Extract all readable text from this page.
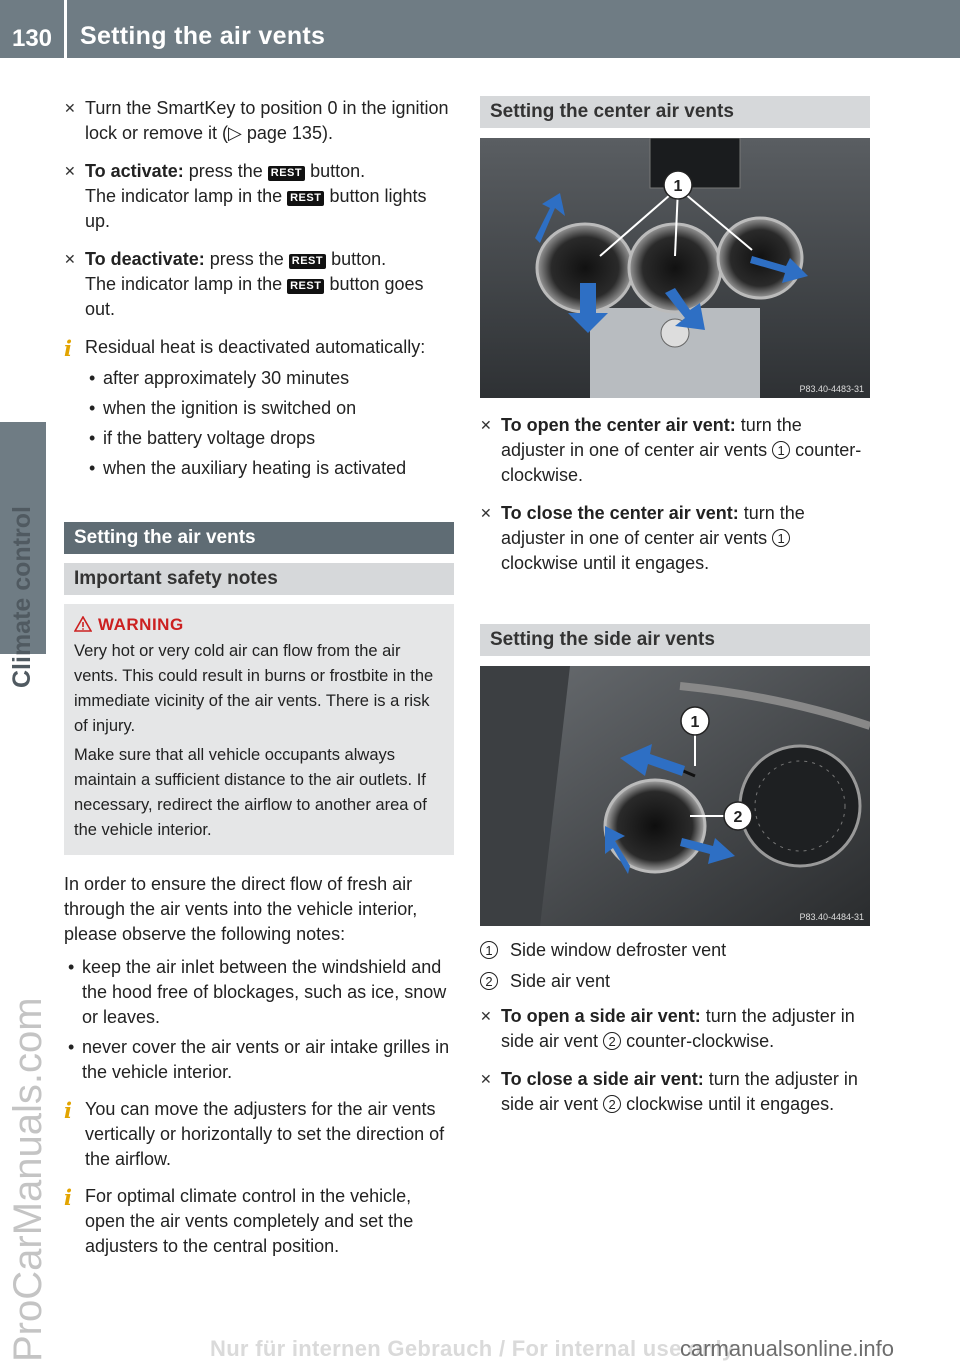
130	Setting the air vents
Climate control
ProCarManuals.com
✕ Turn the SmartKey to position 0 in the ignition lock or remove it (▷ page 135).
✕ To activate: press the REST button.
The indicator lamp in the REST button lights up.
✕ To deactivate: press the REST button.
The indicator lamp in the REST button goes out.
i Residual heat is deactivated automatically:
• after approximately 30 minutes
• when the ignition is switched on
• if the battery voltage drops
• when the auxiliary heating is activated
Setting the air vents
Important safety notes
WARNING

Very hot or very cold air can flow from the air vents. This could result in burns or frostbite in the immediate vicinity of the air vents. There is a risk of injury.

Make sure that all vehicle occupants always maintain a sufficient distance to the air outlets. If necessary, redirect the airflow to another area of the vehicle interior.

In order to ensure the direct flow of fresh air through the air vents into the vehicle interior, please observe the following notes:
• keep the air inlet between the windshield and the hood free of blockages, such as ice, snow or leaves.
• never cover the air vents or air intake grilles in the vehicle interior.
i You can move the adjusters for the air vents vertically or horizontally to set the direction of the airflow.
i For optimal climate control in the vehicle, open the air vents completely and set the adjusters to the central position.
Setting the center air vents
1
P83.40-4483-31
✕ To open the center air vent: turn the adjuster in one of center air vents 1 counter-clockwise.
✕ To close the center air vent: turn the adjuster in one of center air vents 1 clockwise until it engages.
Setting the side air vents
1
2
P83.40-4484-31
1 Side window defroster vent
2 Side air vent
✕ To open a side air vent: turn the adjuster in side air vent 2 counter-clockwise.
✕ To close a side air vent: turn the adjuster in side air vent 2 clockwise until it engages.
Nur für internen Gebrauch / For internal use only
carmanualsonline.info
